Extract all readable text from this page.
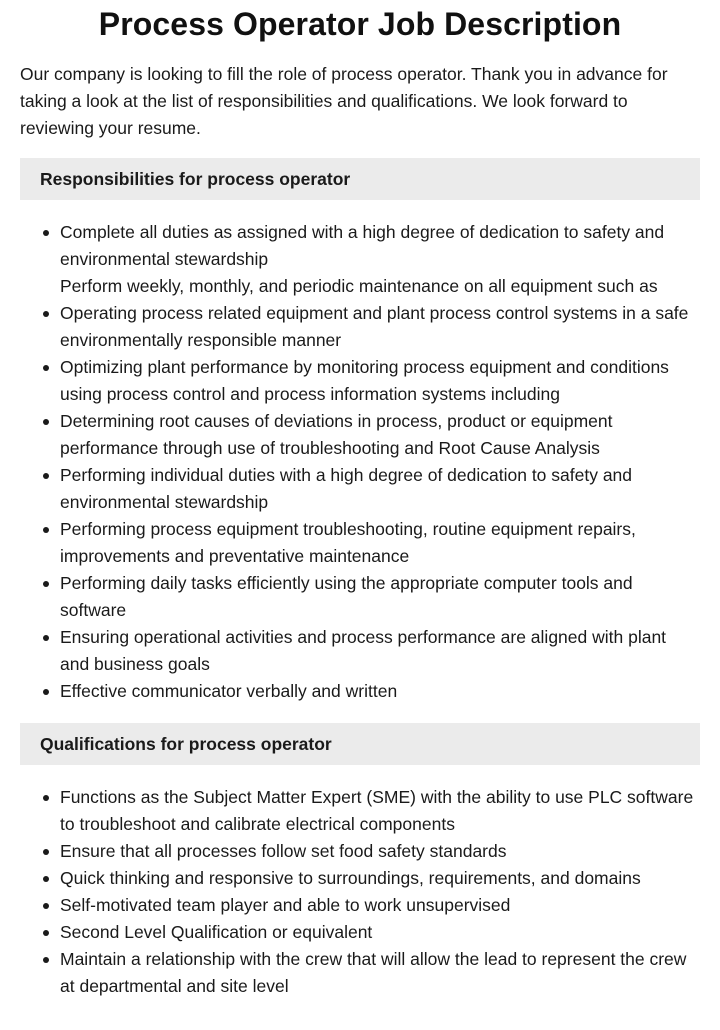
Process Operator Job Description

Our company is looking to fill the role of process operator. Thank you in advance for taking a look at the list of responsibilities and qualifications. We look forward to reviewing your resume.

Responsibilities for process operator
Complete all duties as assigned with a high degree of dedication to safety and environmental stewardship
Perform weekly, monthly, and periodic maintenance on all equipment such as
Operating process related equipment and plant process control systems in a safe environmentally responsible manner
Optimizing plant performance by monitoring process equipment and conditions using process control and process information systems including
Determining root causes of deviations in process, product or equipment performance through use of troubleshooting and Root Cause Analysis
Performing individual duties with a high degree of dedication to safety and environmental stewardship
Performing process equipment troubleshooting, routine equipment repairs, improvements and preventative maintenance
Performing daily tasks efficiently using the appropriate computer tools and software
Ensuring operational activities and process performance are aligned with plant and business goals
Effective communicator verbally and written
Qualifications for process operator
Functions as the Subject Matter Expert (SME) with the ability to use PLC software to troubleshoot and calibrate electrical components
Ensure that all processes follow set food safety standards
Quick thinking and responsive to surroundings, requirements, and domains
Self-motivated team player and able to work unsupervised
Second Level Qualification or equivalent
Maintain a relationship with the crew that will allow the lead to represent the crew at departmental and site level
